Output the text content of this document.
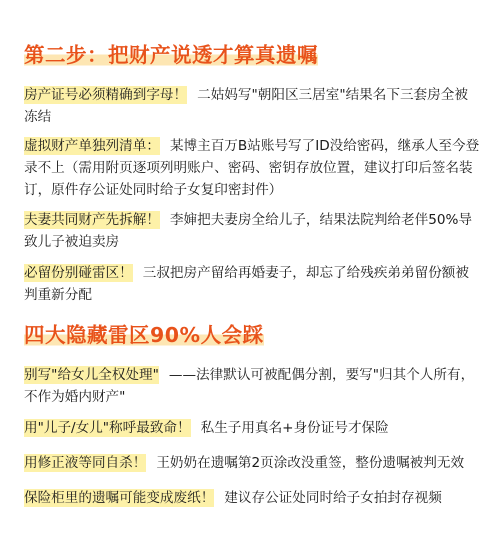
第二步：把财产说透才算真遗嘱
房产证号必须精确到字母！ 二姑妈写"朝阳区三居室"结果名下三套房全被冻结
虚拟财产单独列清单： 某博主百万B站账号写了ID没给密码，继承人至今登录不上（需用附页逐项列明账户、密码、密钥存放位置，建议打印后签名装订，原件存公证处同时给子女复印密封件）
夫妻共同财产先拆解！ 李婶把夫妻房全给儿子，结果法院判给老伴50%导致儿子被迫卖房
必留份别碰雷区！ 三叔把房产留给再婚妻子，却忘了给残疾弟弟留份额被判重新分配
四大隐藏雷区90%人会踩
别写"给女儿全权处理" ——法律默认可被配偶分割，要写"归其个人所有，不作为婚内财产"
用"儿子/女儿"称呼最致命！ 私生子用真名+身份证号才保险
用修正液等同自杀！ 王奶奶在遗嘱第2页涂改没重签，整份遗嘱被判无效
保险柜里的遗嘱可能变成废纸！ 建议存公证处同时给子女拍封存视频
